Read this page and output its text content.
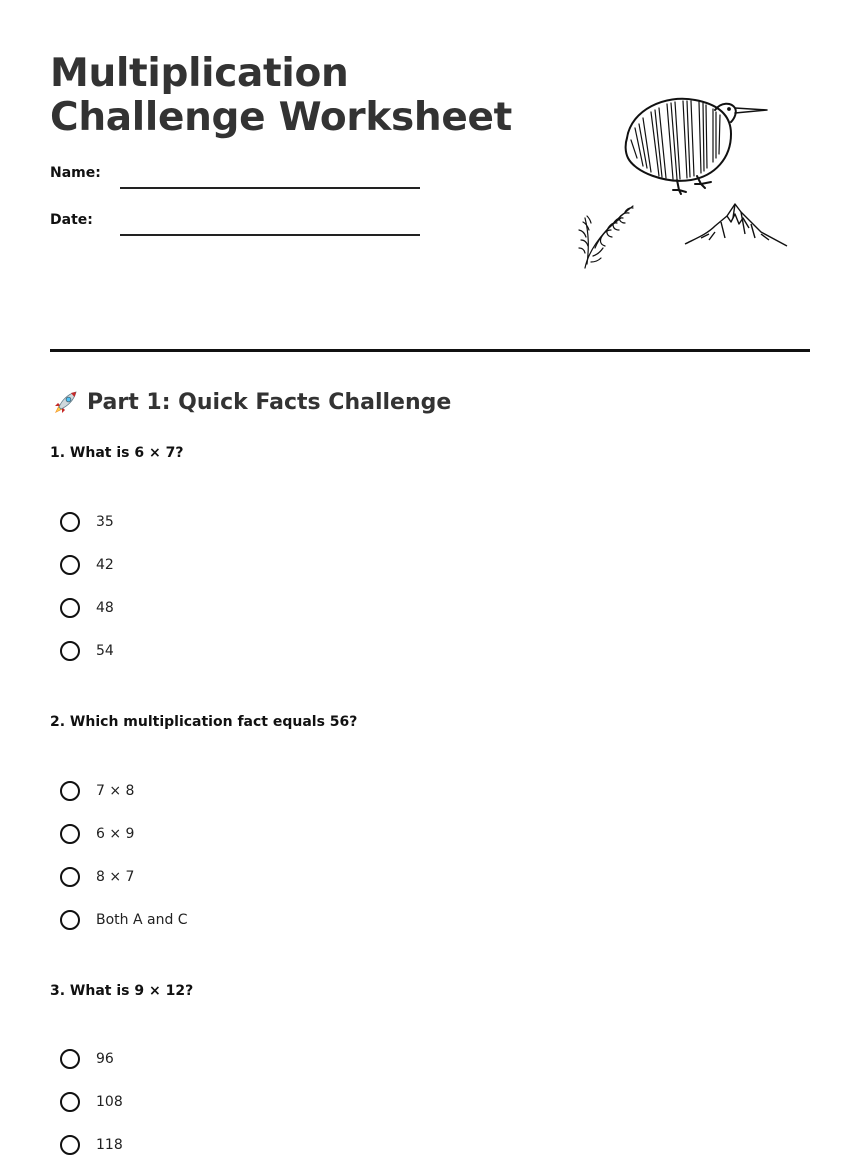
Multiplication
Challenge Worksheet
Name:
Date:
Part 1: Quick Facts Challenge

1. What is 6 × 7?

35
42
48
54

2. Which multiplication fact equals 56?

7 × 8
6 × 9
8 × 7
Both A and C

3. What is 9 × 12?

96
108
118
